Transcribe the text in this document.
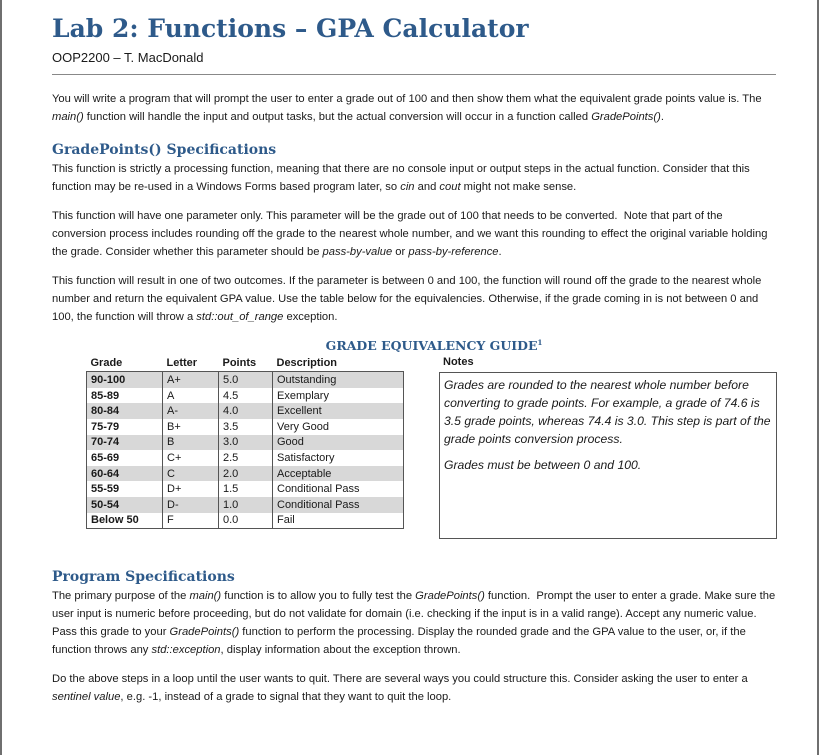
Lab 2: Functions – GPA Calculator
OOP2200 – T. MacDonald

You will write a program that will prompt the user to enter a grade out of 100 and then show them what the equivalent grade points value is. The main() function will handle the input and output tasks, but the actual conversion will occur in a function called GradePoints().

GradePoints() Specifications

This function is strictly a processing function, meaning that there are no console input or output steps in the actual function. Consider that this function may be re-used in a Windows Forms based program later, so cin and cout might not make sense.

This function will have one parameter only. This parameter will be the grade out of 100 that needs to be converted.  Note that part of the conversion process includes rounding off the grade to the nearest whole number, and we want this rounding to effect the original variable holding the grade. Consider whether this parameter should be pass-by-value or pass-by-reference.

This function will result in one of two outcomes. If the parameter is between 0 and 100, the function will round off the grade to the nearest whole number and return the equivalent GPA value. Use the table below for the equivalencies. Otherwise, if the grade coming in is not between 0 and 100, the function will throw a std::out_of_range exception.

GRADE EQUIVALENCY GUIDE$^1$
Grade	Letter	Points	Description
90-100	A+	5.0	Outstanding
85-89	A	4.5	Exemplary
80-84	A-	4.0	Excellent
75-79	B+	3.5	Very Good
70-74	B	3.0	Good
65-69	C+	2.5	Satisfactory
60-64	C	2.0	Acceptable
55-59	D+	1.5	Conditional Pass
50-54	D-	1.0	Conditional Pass
Below 50	F	0.0	Fail
Notes

Grades are rounded to the nearest whole number before converting to grade points. For example, a grade of 74.6 is 3.5 grade points, whereas 74.4 is 3.0. This step is part of the grade points conversion process.

Grades must be between 0 and 100.

Program Specifications

The primary purpose of the main() function is to allow you to fully test the GradePoints() function.  Prompt the user to enter a grade. Make sure the user input is numeric before proceeding, but do not validate for domain (i.e. checking if the input is in a valid range). Accept any numeric value. Pass this grade to your GradePoints() function to perform the processing. Display the rounded grade and the GPA value to the user, or, if the function throws any std::exception, display information about the exception thrown.

Do the above steps in a loop until the user wants to quit. There are several ways you could structure this. Consider asking the user to enter a sentinel value, e.g. -1, instead of a grade to signal that they want to quit the loop.
